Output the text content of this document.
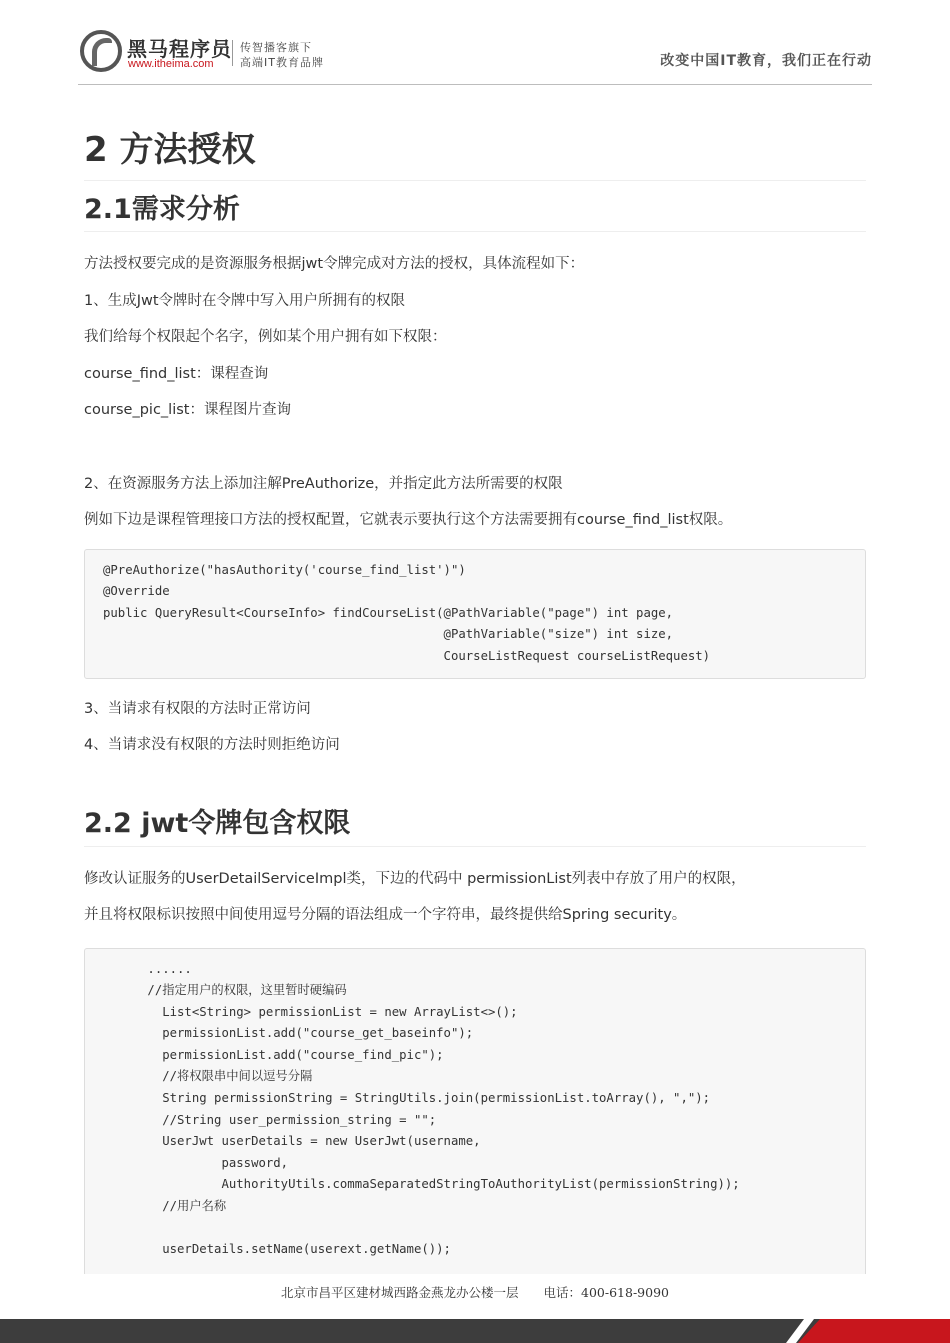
黑马程序员
www.itheima.com
传智播客旗下
高端IT教育品牌	改变中国IT教育，我们正在行动
2 方法授权
2.1需求分析

方法授权要完成的是资源服务根据jwt令牌完成对方法的授权，具体流程如下：

1、生成Jwt令牌时在令牌中写入用户所拥有的权限

我们给每个权限起个名字，例如某个用户拥有如下权限：

course_find_list：课程查询

course_pic_list：课程图片查询

2、在资源服务方法上添加注解PreAuthorize，并指定此方法所需要的权限

例如下边是课程管理接口方法的授权配置，它就表示要执行这个方法需要拥有course_find_list权限。

@PreAuthorize("hasAuthority('course_find_list')")
@Override
public QueryResult<CourseInfo> findCourseList(@PathVariable("page") int page,
@PathVariable("size") int size,
CourseListRequest courseListRequest)

3、当请求有权限的方法时正常访问

4、当请求没有权限的方法时则拒绝访问

2.2 jwt令牌包含权限

修改认证服务的UserDetailServiceImpl类，下边的代码中 permissionList列表中存放了用户的权限，

并且将权限标识按照中间使用逗号分隔的语法组成一个字符串，最终提供给Spring security。

......
//指定用户的权限，这里暂时硬编码
List<String> permissionList = new ArrayList<>();
permissionList.add("course_get_baseinfo");
permissionList.add("course_find_pic");
//将权限串中间以逗号分隔
String permissionString = StringUtils.join(permissionList.toArray(), ",");
//String user_permission_string = "";
UserJwt userDetails = new UserJwt(username,
password,
AuthorityUtils.commaSeparatedStringToAuthorityList(permissionString));
//用户名称

userDetails.setName(userext.getName());
北京市昌平区建材城西路金燕龙办公楼一层　　电话：400-618-9090
